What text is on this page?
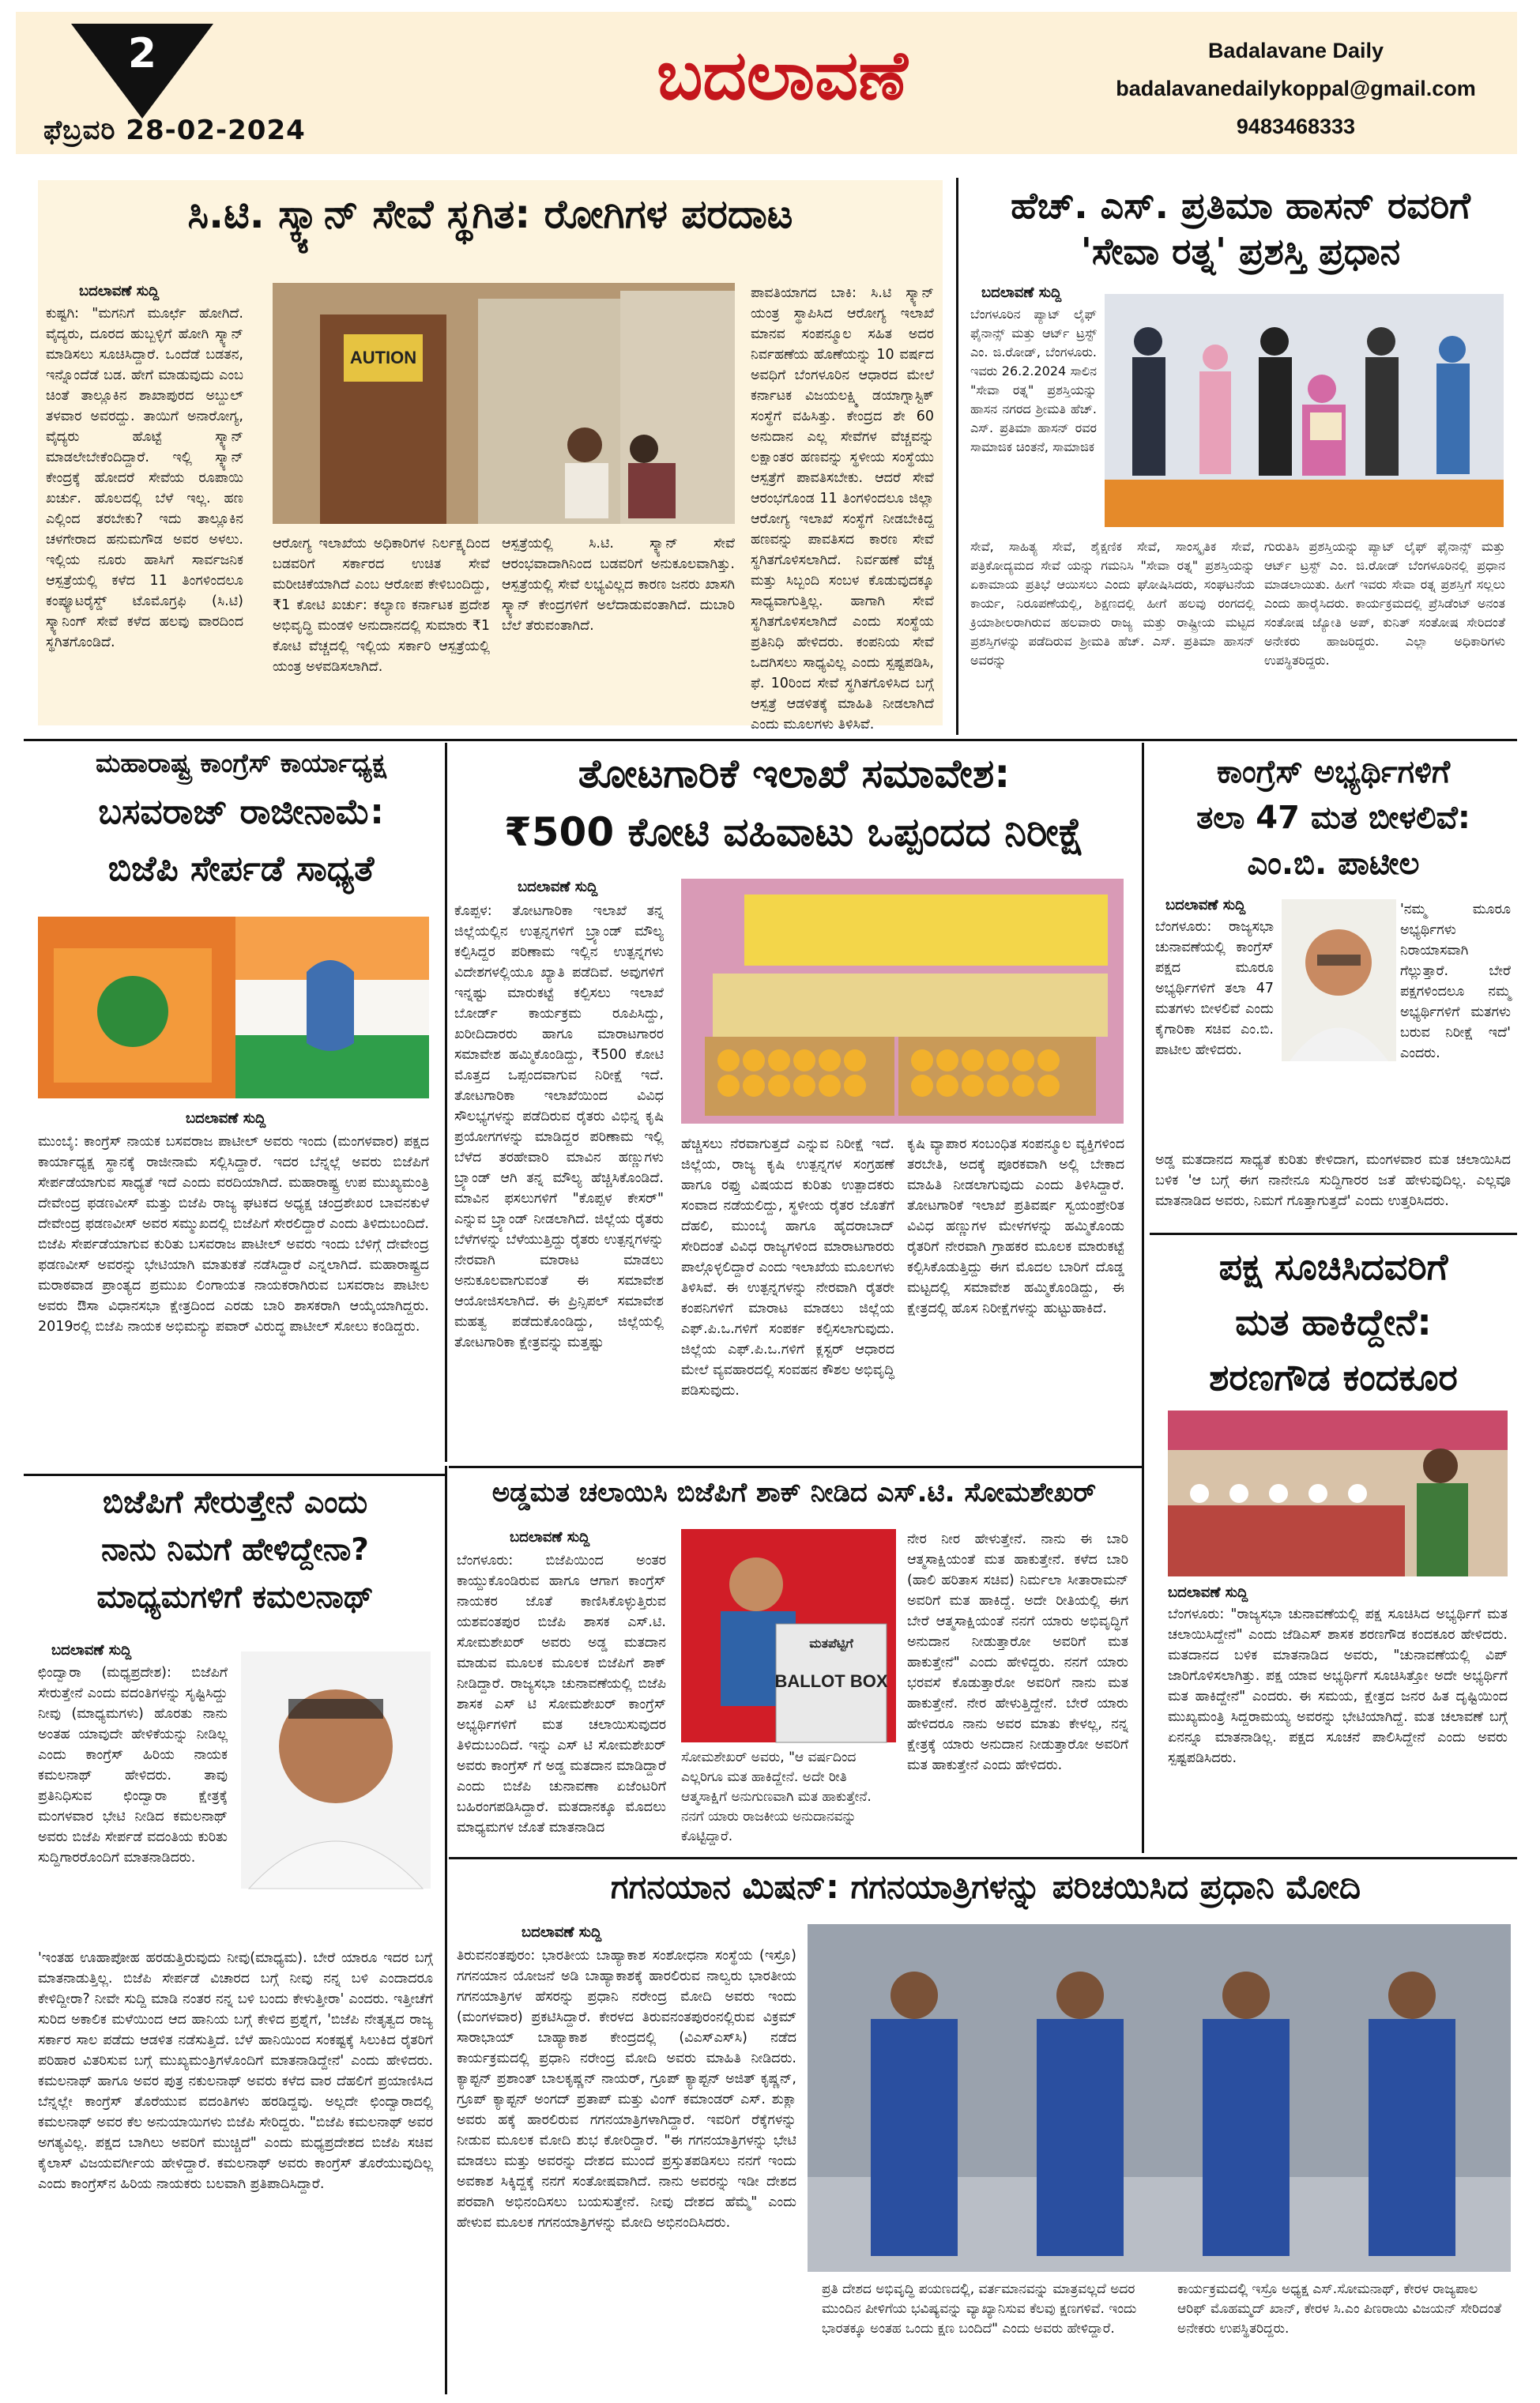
2
ಫೆಬ್ರವರಿ 28-02-2024
ಬದಲಾವಣೆ	Badalavane Daily
badalavanedailykoppal@gmail.com
9483468333
ಸಿ.ಟಿ. ಸ್ಕ್ಯಾನ್ ಸೇವೆ ಸ್ಥಗಿತ: ರೋಗಿಗಳ ಪರದಾಟ
ಬದಲಾವಣೆ ಸುದ್ದಿ
ಕುಷ್ಟಗಿ: "ಮಗನಿಗೆ ಮೂರ್ಛೆ ಹೋಗಿದೆ. ವೈದ್ಯರು, ದೂರದ ಹುಬ್ಬಳ್ಳಿಗೆ ಹೋಗಿ ಸ್ಕ್ಯಾನ್ ಮಾಡಿಸಲು ಸೂಚಿಸಿದ್ದಾರೆ. ಒಂದೆಡೆ ಬಡತನ, ಇನ್ನೊಂದೆಡೆ ಬಡ. ಹೇಗೆ ಮಾಡುವುದು ಎಂಬ ಚಿಂತೆ ತಾಲ್ಲೂಕಿನ ಶಾಖಾಪುರದ ಅಬ್ದುಲ್ ತಳವಾರ ಅವರದ್ದು. ತಾಯಿಗೆ ಅನಾರೋಗ್ಯ, ವೈದ್ಯರು ಹೊಟ್ಟೆ ಸ್ಕ್ಯಾನ್ ಮಾಡಲೇಬೇಕೆಂದಿದ್ದಾರೆ. ಇಲ್ಲಿ ಸ್ಕ್ಯಾನ್ ಕೇಂದ್ರಕ್ಕೆ ಹೋದರೆ ಸೇವೆಯ ರೂಪಾಯಿ ಖರ್ಚು. ಹೊಲದಲ್ಲಿ ಬೆಳೆ ಇಲ್ಲ. ಹಣ ಎಲ್ಲಿಂದ ತರಬೇಕು? ಇದು ತಾಲ್ಲೂಕಿನ ಚಳಗೇರಾದ ಹನುಮಗೌಡ ಅವರ ಅಳಲು. ಇಲ್ಲಿಯ ನೂರು ಹಾಸಿಗೆ ಸಾರ್ವಜನಿಕ ಆಸ್ಪತ್ರೆಯಲ್ಲಿ ಕಳೆದ 11 ತಿಂಗಳಿಂದಲೂ ಕಂಪ್ಯೂಟರೈಸ್ಡ್ ಟೊಮೊಗ್ರಫಿ (ಸಿ.ಟಿ) ಸ್ಕ್ಯಾನಿಂಗ್ ಸೇವೆ ಕಳೆದ ಹಲವು ವಾರದಿಂದ ಸ್ಥಗಿತಗೊಂಡಿದೆ.
AUTION
ಆರೋಗ್ಯ ಇಲಾಖೆಯ ಅಧಿಕಾರಿಗಳ ನಿರ್ಲಕ್ಷ್ಯದಿಂದ ಬಡವರಿಗೆ ಸರ್ಕಾರದ ಉಚಿತ ಸೇವೆ ಮರೀಚಿಕೆಯಾಗಿದೆ ಎಂಬ ಆರೋಪ ಕೇಳಿಬಂದಿದ್ದು, ₹1 ಕೋಟಿ ಖರ್ಚು: ಕಲ್ಯಾಣ ಕರ್ನಾಟಕ ಪ್ರದೇಶ ಅಭಿವೃದ್ಧಿ ಮಂಡಳಿ ಅನುದಾನದಲ್ಲಿ ಸುಮಾರು ₹1 ಕೋಟಿ ವೆಚ್ಚದಲ್ಲಿ ಇಲ್ಲಿಯ ಸರ್ಕಾರಿ ಆಸ್ಪತ್ರೆಯಲ್ಲಿ ಯಂತ್ರ ಅಳವಡಿಸಲಾಗಿದೆ.
ಆಸ್ಪತ್ರೆಯಲ್ಲಿ ಸಿ.ಟಿ. ಸ್ಕ್ಯಾನ್ ಸೇವೆ ಆರಂಭವಾದಾಗಿನಿಂದ ಬಡವರಿಗೆ ಅನುಕೂಲವಾಗಿತ್ತು. ಆಸ್ಪತ್ರೆಯಲ್ಲಿ ಸೇವೆ ಲಭ್ಯವಿಲ್ಲದ ಕಾರಣ ಜನರು ಖಾಸಗಿ ಸ್ಕ್ಯಾನ್ ಕೇಂದ್ರಗಳಿಗೆ ಅಲೆದಾಡುವಂತಾಗಿದೆ. ದುಬಾರಿ ಬೆಲೆ ತೆರುವಂತಾಗಿದೆ.
ಪಾವತಿಯಾಗದ ಬಾಕಿ: ಸಿ.ಟಿ ಸ್ಕ್ಯಾನ್ ಯಂತ್ರ ಸ್ಥಾಪಿಸಿದ ಆರೋಗ್ಯ ಇಲಾಖೆ ಮಾನವ ಸಂಪನ್ಮೂಲ ಸಹಿತ ಅದರ ನಿರ್ವಹಣೆಯ ಹೊಣೆಯನ್ನು 10 ವರ್ಷದ ಅವಧಿಗೆ ಬೆಂಗಳೂರಿನ ಆಧಾರದ ಮೇಲೆ ಕರ್ನಾಟಕ ವಿಜಯಲಕ್ಷ್ಮಿ ಡಯಾಗ್ನಾಸ್ಟಿಕ್ ಸಂಸ್ಥೆಗೆ ವಹಿಸಿತ್ತು. ಕೇಂದ್ರದ ಶೇ 60 ಅನುದಾನ ಎಲ್ಲ ಸೇವೆಗಳ ವೆಚ್ಚವನ್ನು ಲಕ್ಷಾಂತರ ಹಣವನ್ನು ಸ್ಥಳೀಯ ಸಂಸ್ಥೆಯು ಆಸ್ಪತ್ರೆಗೆ ಪಾವತಿಸಬೇಕು. ಆದರೆ ಸೇವೆ ಆರಂಭಗೊಂಡ 11 ತಿಂಗಳಿಂದಲೂ ಜಿಲ್ಲಾ ಆರೋಗ್ಯ ಇಲಾಖೆ ಸಂಸ್ಥೆಗೆ ನೀಡಬೇಕಿದ್ದ ಹಣವನ್ನು ಪಾವತಿಸದ ಕಾರಣ ಸೇವೆ ಸ್ಥಗಿತಗೊಳಿಸಲಾಗಿದೆ. ನಿರ್ವಹಣೆ ವೆಚ್ಚ ಮತ್ತು ಸಿಬ್ಬಂದಿ ಸಂಬಳ ಕೊಡುವುದಕ್ಕೂ ಸಾಧ್ಯವಾಗುತ್ತಿಲ್ಲ. ಹಾಗಾಗಿ ಸೇವೆ ಸ್ಥಗಿತಗೊಳಿಸಲಾಗಿದೆ ಎಂದು ಸಂಸ್ಥೆಯ ಪ್ರತಿನಿಧಿ ಹೇಳಿದರು. ಕಂಪನಿಯ ಸೇವೆ ಒದಗಿಸಲು ಸಾಧ್ಯವಿಲ್ಲ ಎಂದು ಸ್ಪಷ್ಟಪಡಿಸಿ, ಫೆ. 10ರಿಂದ ಸೇವೆ ಸ್ಥಗಿತಗೊಳಿಸಿದ ಬಗ್ಗೆ ಆಸ್ಪತ್ರೆ ಆಡಳಿತಕ್ಕೆ ಮಾಹಿತಿ ನೀಡಲಾಗಿದೆ ಎಂದು ಮೂಲಗಳು ತಿಳಿಸಿವೆ.
ಹೆಚ್. ಎಸ್. ಪ್ರತಿಮಾ ಹಾಸನ್ ರವರಿಗೆ 'ಸೇವಾ ರತ್ನ' ಪ್ರಶಸ್ತಿ ಪ್ರಧಾನ
ಬದಲಾವಣೆ ಸುದ್ದಿ
ಬೆಂಗಳೂರಿನ ಪ್ಯಾಟ್ ಲೈಫ್ ಫೈನಾನ್ಸ್ ಮತ್ತು ಆರ್ಟ್ ಟ್ರಸ್ಟ್ ಎಂ. ಜಿ.ರೋಡ್, ಬೆಂಗಳೂರು. ಇವರು 26.2.2024 ಸಾಲಿನ "ಸೇವಾ ರತ್ನ" ಪ್ರಶಸ್ತಿಯನ್ನು ಹಾಸನ ನಗರದ ಶ್ರೀಮತಿ ಹೆಚ್. ಎಸ್. ಪ್ರತಿಮಾ ಹಾಸನ್ ರವರ ಸಾಮಾಜಿಕ ಚಿಂತನೆ, ಸಾಮಾಜಿಕ
ಸೇವೆ, ಸಾಹಿತ್ಯ ಸೇವೆ, ಶೈಕ್ಷಣಿಕ ಸೇವೆ, ಸಾಂಸ್ಕೃತಿಕ ಸೇವೆ, ಪತ್ರಿಕೋದ್ಯಮದ ಸೇವೆ ಯನ್ನು ಗಮನಿಸಿ "ಸೇವಾ ರತ್ನ" ಪ್ರಶಸ್ತಿಯನ್ನು ಏಕಾಮಾಯ ಪ್ರತಿಭೆ ಆಯಿಸಲು ಎಂದು ಘೋಷಿಸಿದರು, ಸಂಘಟನೆಯ ಕಾರ್ಯ, ನಿರೂಪಣೆಯಲ್ಲಿ, ಶಿಕ್ಷಣದಲ್ಲಿ ಹೀಗೆ ಹಲವು ರಂಗದಲ್ಲಿ ಕ್ರಿಯಾಶೀಲರಾಗಿರುವ ಹಲವಾರು ರಾಜ್ಯ ಮತ್ತು ರಾಷ್ಟ್ರೀಯ ಮಟ್ಟದ ಪ್ರಶಸ್ತಿಗಳನ್ನು ಪಡೆದಿರುವ ಶ್ರೀಮತಿ ಹೆಚ್. ಎಸ್. ಪ್ರತಿಮಾ ಹಾಸನ್ ಅವರನ್ನು
ಗುರುತಿಸಿ ಪ್ರಶಸ್ತಿಯನ್ನು ಪ್ಯಾಟ್ ಲೈಫ್ ಫೈನಾನ್ಸ್ ಮತ್ತು ಆರ್ಟ್ ಟ್ರಸ್ಟ್ ಎಂ. ಜಿ.ರೋಡ್ ಬೆಂಗಳೂರಿನಲ್ಲಿ ಪ್ರಧಾನ ಮಾಡಲಾಯಿತು. ಹೀಗೆ ಇವರು ಸೇವಾ ರತ್ನ ಪ್ರಶಸ್ತಿಗೆ ಸಲ್ಲಲು ಎಂದು ಹಾರೈಸಿದರು. ಕಾರ್ಯಕ್ರಮದಲ್ಲಿ ಪ್ರೆಸಿಡೆಂಟ್ ಅನಂತ ಸಂತೋಷ ಜ್ಯೋತಿ ಅಪ್, ಕುನಿತ್ ಸಂತೋಷ ಸೇರಿದಂತೆ ಅನೇಕರು ಹಾಜರಿದ್ದರು. ಎಲ್ಲಾ ಅಧಿಕಾರಿಗಳು ಉಪಸ್ಥಿತರಿದ್ದರು.
ಮಹಾರಾಷ್ಟ್ರ ಕಾಂಗ್ರೆಸ್ ಕಾರ್ಯಾಧ್ಯಕ್ಷ
ಬಸವರಾಜ್ ರಾಜೀನಾಮೆ:
ಬಿಜೆಪಿ ಸೇರ್ಪಡೆ ಸಾಧ್ಯತೆ
ಬದಲಾವಣೆ ಸುದ್ದಿ
ಮುಂಬೈ: ಕಾಂಗ್ರೆಸ್ ನಾಯಕ ಬಸವರಾಜ ಪಾಟೀಲ್ ಅವರು ಇಂದು (ಮಂಗಳವಾರ) ಪಕ್ಷದ ಕಾರ್ಯಾಧ್ಯಕ್ಷ ಸ್ಥಾನಕ್ಕೆ ರಾಜೀನಾಮೆ ಸಲ್ಲಿಸಿದ್ದಾರೆ. ಇದರ ಬೆನ್ನಲ್ಲೆ ಅವರು ಬಿಜೆಪಿಗೆ ಸೇರ್ಪಡೆಯಾಗುವ ಸಾಧ್ಯತೆ ಇದೆ ಎಂದು ವರದಿಯಾಗಿದೆ. ಮಹಾರಾಷ್ಟ್ರ ಉಪ ಮುಖ್ಯಮಂತ್ರಿ ದೇವೇಂದ್ರ ಫಡಣವೀಸ್ ಮತ್ತು ಬಿಜೆಪಿ ರಾಜ್ಯ ಘಟಕದ ಅಧ್ಯಕ್ಷ ಚಂದ್ರಶೇಖರ ಬಾವನಕುಳೆ ದೇವೇಂದ್ರ ಫಡಣವೀಸ್ ಅವರ ಸಮ್ಮುಖದಲ್ಲಿ ಬಿಜೆಪಿಗೆ ಸೇರಲಿದ್ದಾರೆ ಎಂದು ತಿಳಿದುಬಂದಿದೆ. ಬಿಜೆಪಿ ಸೇರ್ಪಡೆಯಾಗುವ ಕುರಿತು ಬಸವರಾಜ ಪಾಟೀಲ್ ಅವರು ಇಂದು ಬೆಳಿಗ್ಗೆ ದೇವೇಂದ್ರ ಫಡಣವೀಸ್ ಅವರನ್ನು ಭೇಟಿಯಾಗಿ ಮಾತುಕತೆ ನಡೆಸಿದ್ದಾರೆ ಎನ್ನಲಾಗಿದೆ. ಮಹಾರಾಷ್ಟ್ರದ ಮರಾಠವಾಡ ಪ್ರಾಂತ್ಯದ ಪ್ರಮುಖ ಲಿಂಗಾಯತ ನಾಯಕರಾಗಿರುವ ಬಸವರಾಜ ಪಾಟೀಲ ಅವರು ಔಸಾ ವಿಧಾನಸಭಾ ಕ್ಷೇತ್ರದಿಂದ ಎರಡು ಬಾರಿ ಶಾಸಕರಾಗಿ ಆಯ್ಕೆಯಾಗಿದ್ದರು. 2019ರಲ್ಲಿ ಬಿಜೆಪಿ ನಾಯಕ ಅಭಿಮನ್ಯು ಪವಾರ್ ವಿರುದ್ಧ ಪಾಟೀಲ್ ಸೋಲು ಕಂಡಿದ್ದರು.
ತೋಟಗಾರಿಕೆ ಇಲಾಖೆ ಸಮಾವೇಶ:
₹500 ಕೋಟಿ ವಹಿವಾಟು ಒಪ್ಪಂದದ ನಿರೀಕ್ಷೆ
ಬದಲಾವಣೆ ಸುದ್ದಿ
ಕೊಪ್ಪಳ: ತೋಟಗಾರಿಕಾ ಇಲಾಖೆ ತನ್ನ ಜಿಲ್ಲೆಯಲ್ಲಿನ ಉತ್ಪನ್ನಗಳಿಗೆ ಬ್ರ್ಯಾಂಡ್ ಮೌಲ್ಯ ಕಲ್ಪಿಸಿದ್ದರ ಪರಿಣಾಮ ಇಲ್ಲಿನ ಉತ್ಪನ್ನಗಳು ವಿದೇಶಗಳಲ್ಲಿಯೂ ಖ್ಯಾತಿ ಪಡೆದಿವೆ. ಅವುಗಳಿಗೆ ಇನ್ನಷ್ಟು ಮಾರುಕಟ್ಟೆ ಕಲ್ಪಿಸಲು ಇಲಾಖೆ ಬೋರ್ಡ್ ಕಾರ್ಯಕ್ರಮ ರೂಪಿಸಿದ್ದು, ಖರೀದಿದಾರರು ಹಾಗೂ ಮಾರಾಟಗಾರರ ಸಮಾವೇಶ ಹಮ್ಮಿಕೊಂಡಿದ್ದು, ₹500 ಕೋಟಿ ಮೊತ್ತದ ಒಪ್ಪಂದವಾಗುವ ನಿರೀಕ್ಷೆ ಇದೆ. ತೋಟಗಾರಿಕಾ ಇಲಾಖೆಯಿಂದ ವಿವಿಧ ಸೌಲಭ್ಯಗಳನ್ನು ಪಡೆದಿರುವ ರೈತರು ವಿಭಿನ್ನ ಕೃಷಿ ಪ್ರಯೋಗಗಳನ್ನು ಮಾಡಿದ್ದರ ಪರಿಣಾಮ ಇಲ್ಲಿ ಬೆಳೆದ ತರಹೇವಾರಿ ಮಾವಿನ ಹಣ್ಣುಗಳು ಬ್ರ್ಯಾಂಡ್ ಆಗಿ ತನ್ನ ಮೌಲ್ಯ ಹೆಚ್ಚಿಸಿಕೊಂಡಿದೆ. ಮಾವಿನ ಫಸಲುಗಳಿಗೆ "ಕೊಪ್ಪಳ ಕೇಸರ್" ಎನ್ನುವ ಬ್ರ್ಯಾಂಡ್ ನೀಡಲಾಗಿದೆ. ಜಿಲ್ಲೆಯ ರೈತರು ಬೆಳೆಗಳನ್ನು ಬೆಳೆಯುತ್ತಿದ್ದು ರೈತರು ಉತ್ಪನ್ನಗಳನ್ನು ನೇರವಾಗಿ ಮಾರಾಟ ಮಾಡಲು ಅನುಕೂಲವಾಗುವಂತೆ ಈ ಸಮಾವೇಶ ಆಯೋಜಿಸಲಾಗಿದೆ. ಈ ಪ್ರಿನ್ಸಿಪಲ್ ಸಮಾವೇಶ ಮಹತ್ವ ಪಡೆದುಕೊಂಡಿದ್ದು, ಜಿಲ್ಲೆಯಲ್ಲಿ ತೋಟಗಾರಿಕಾ ಕ್ಷೇತ್ರವನ್ನು ಮತ್ತಷ್ಟು
ಹೆಚ್ಚಿಸಲು ನೆರವಾಗುತ್ತದೆ ಎನ್ನುವ ನಿರೀಕ್ಷೆ ಇದೆ. ಜಿಲ್ಲೆಯ, ರಾಜ್ಯ ಕೃಷಿ ಉತ್ಪನ್ನಗಳ ಸಂಗ್ರಹಣೆ ಹಾಗೂ ರಫ್ತು ವಿಷಯದ ಕುರಿತು ಉತ್ಪಾದಕರು ಸಂವಾದ ನಡೆಯಲಿದ್ದು, ಸ್ಥಳೀಯ ರೈತರ ಜೊತೆಗೆ ದೆಹಲಿ, ಮುಂಬೈ ಹಾಗೂ ಹೈದರಾಬಾದ್ ಸೇರಿದಂತೆ ವಿವಿಧ ರಾಜ್ಯಗಳಿಂದ ಮಾರಾಟಗಾರರು ಪಾಲ್ಗೊಳ್ಳಲಿದ್ದಾರೆ ಎಂದು ಇಲಾಖೆಯ ಮೂಲಗಳು ತಿಳಿಸಿವೆ. ಈ ಉತ್ಪನ್ನಗಳನ್ನು ನೇರವಾಗಿ ರೈತರೇ ಕಂಪನಿಗಳಿಗೆ ಮಾರಾಟ ಮಾಡಲು ಜಿಲ್ಲೆಯ ಎಫ್.ಪಿ.ಒ.ಗಳಿಗೆ ಸಂಪರ್ಕ ಕಲ್ಪಿಸಲಾಗುವುದು. ಜಿಲ್ಲೆಯ ಎಫ್.ಪಿ.ಒ.ಗಳಿಗೆ ಕ್ಲಸ್ಟರ್ ಆಧಾರದ ಮೇಲೆ ವ್ಯವಹಾರದಲ್ಲಿ ಸಂವಹನ ಕೌಶಲ ಅಭಿವೃದ್ಧಿ ಪಡಿಸುವುದು.
ಕೃಷಿ ವ್ಯಾಪಾರ ಸಂಬಂಧಿತ ಸಂಪನ್ಮೂಲ ವ್ಯಕ್ತಿಗಳಿಂದ ತರಬೇತಿ, ಅದಕ್ಕೆ ಪೂರಕವಾಗಿ ಅಲ್ಲಿ ಬೇಕಾದ ಮಾಹಿತಿ ನೀಡಲಾಗುವುದು ಎಂದು ತಿಳಿಸಿದ್ದಾರೆ. ತೋಟಗಾರಿಕೆ ಇಲಾಖೆ ಪ್ರತಿವರ್ಷ ಸ್ವಯಂಪ್ರೇರಿತ ವಿವಿಧ ಹಣ್ಣುಗಳ ಮೇಳಗಳನ್ನು ಹಮ್ಮಿಕೊಂಡು ರೈತರಿಗೆ ನೇರವಾಗಿ ಗ್ರಾಹಕರ ಮೂಲಕ ಮಾರುಕಟ್ಟೆ ಕಲ್ಪಿಸಿಕೊಡುತ್ತಿದ್ದು ಈಗ ಮೊದಲ ಬಾರಿಗೆ ದೊಡ್ಡ ಮಟ್ಟದಲ್ಲಿ ಸಮಾವೇಶ ಹಮ್ಮಿಕೊಂಡಿದ್ದು, ಈ ಕ್ಷೇತ್ರದಲ್ಲಿ ಹೊಸ ನಿರೀಕ್ಷೆಗಳನ್ನು ಹುಟ್ಟುಹಾಕಿದೆ.
ಕಾಂಗ್ರೆಸ್ ಅಭ್ಯರ್ಥಿಗಳಿಗೆ
ತಲಾ 47 ಮತ ಬೀಳಲಿವೆ:
ಎಂ.ಬಿ. ಪಾಟೀಲ
ಬದಲಾವಣೆ ಸುದ್ದಿ
ಬೆಂಗಳೂರು: ರಾಜ್ಯಸಭಾ ಚುನಾವಣೆಯಲ್ಲಿ ಕಾಂಗ್ರೆಸ್ ಪಕ್ಷದ ಮೂರೂ ಅಭ್ಯರ್ಥಿಗಳಿಗೆ ತಲಾ 47 ಮತಗಳು ಬೀಳಲಿವೆ ಎಂದು ಕೈಗಾರಿಕಾ ಸಚಿವ ಎಂ.ಬಿ. ಪಾಟೀಲ ಹೇಳಿದರು.
'ನಮ್ಮ ಮೂರೂ ಅಭ್ಯರ್ಥಿಗಳು ನಿರಾಯಾಸವಾಗಿ ಗೆಲ್ಲುತ್ತಾರೆ. ಬೇರೆ ಪಕ್ಷಗಳಿಂದಲೂ ನಮ್ಮ ಅಭ್ಯರ್ಥಿಗಳಿಗೆ ಮತಗಳು ಬರುವ ನಿರೀಕ್ಷೆ ಇದೆ' ಎಂದರು.
ಅಡ್ಡ ಮತದಾನದ ಸಾಧ್ಯತೆ ಕುರಿತು ಕೇಳಿದಾಗ, ಮಂಗಳವಾರ ಮತ ಚಲಾಯಿಸಿದ ಬಳಿಕ 'ಆ ಬಗ್ಗೆ ಈಗ ನಾನೇನೂ ಸುದ್ದಿಗಾರರ ಜತೆ ಹೇಳುವುದಿಲ್ಲ. ಎಲ್ಲವೂ ಮಾತನಾಡಿದ ಅವರು, ನಿಮಗೆ ಗೊತ್ತಾಗುತ್ತದೆ' ಎಂದು ಉತ್ತರಿಸಿದರು.
ಪಕ್ಷ ಸೂಚಿಸಿದವರಿಗೆ
ಮತ ಹಾಕಿದ್ದೇನೆ:
ಶರಣಗೌಡ ಕಂದಕೂರ
ಬದಲಾವಣೆ ಸುದ್ದಿ
ಬೆಂಗಳೂರು: "ರಾಜ್ಯಸಭಾ ಚುನಾವಣೆಯಲ್ಲಿ ಪಕ್ಷ ಸೂಚಿಸಿದ ಅಭ್ಯರ್ಥಿಗೆ ಮತ ಚಲಾಯಿಸಿದ್ದೇನೆ" ಎಂದು ಜೆಡಿಎಸ್ ಶಾಸಕ ಶರಣಗೌಡ ಕಂದಕೂರ ಹೇಳಿದರು. ಮತದಾನದ ಬಳಿಕ ಮಾತನಾಡಿದ ಅವರು, "ಚುನಾವಣೆಯಲ್ಲಿ ವಿಪ್ ಜಾರಿಗೊಳಿಸಲಾಗಿತ್ತು. ಪಕ್ಷ ಯಾವ ಅಭ್ಯರ್ಥಿಗೆ ಸೂಚಿಸಿತ್ತೋ ಅದೇ ಅಭ್ಯರ್ಥಿಗೆ ಮತ ಹಾಕಿದ್ದೇನೆ" ಎಂದರು. ಈ ಸಮಯ, ಕ್ಷೇತ್ರದ ಜನರ ಹಿತ ದೃಷ್ಟಿಯಿಂದ ಮುಖ್ಯಮಂತ್ರಿ ಸಿದ್ದರಾಮಯ್ಯ ಅವರನ್ನು ಭೇಟಿಯಾಗಿದ್ದೆ. ಮತ ಚಲಾವಣೆ ಬಗ್ಗೆ ಏನನ್ನೂ ಮಾತನಾಡಿಲ್ಲ. ಪಕ್ಷದ ಸೂಚನೆ ಪಾಲಿಸಿದ್ದೇನೆ ಎಂದು ಅವರು ಸ್ಪಷ್ಟಪಡಿಸಿದರು.
ಬಿಜೆಪಿಗೆ ಸೇರುತ್ತೇನೆ ಎಂದು
ನಾನು ನಿಮಗೆ ಹೇಳಿದ್ದೇನಾ?
ಮಾಧ್ಯಮಗಳಿಗೆ ಕಮಲನಾಥ್
ಬದಲಾವಣೆ ಸುದ್ದಿ
ಛಿಂದ್ವಾರಾ (ಮಧ್ಯಪ್ರದೇಶ): ಬಿಜೆಪಿಗೆ ಸೇರುತ್ತೇನೆ ಎಂದು ವದಂತಿಗಳನ್ನು ಸೃಷ್ಟಿಸಿದ್ದು ನೀವು (ಮಾಧ್ಯಮಗಳು) ಹೊರತು ನಾನು ಅಂತಹ ಯಾವುದೇ ಹೇಳಿಕೆಯನ್ನು ನೀಡಿಲ್ಲ ಎಂದು ಕಾಂಗ್ರೆಸ್ ಹಿರಿಯ ನಾಯಕ ಕಮಲನಾಥ್ ಹೇಳಿದರು. ತಾವು ಪ್ರತಿನಿಧಿಸುವ ಛಿಂದ್ವಾರಾ ಕ್ಷೇತ್ರಕ್ಕೆ ಮಂಗಳವಾರ ಭೇಟಿ ನೀಡಿದ ಕಮಲನಾಥ್ ಅವರು ಬಿಜೆಪಿ ಸೇರ್ಪಡೆ ವದಂತಿಯ ಕುರಿತು ಸುದ್ದಿಗಾರರೊಂದಿಗೆ ಮಾತನಾಡಿದರು.
'ಇಂತಹ ಊಹಾಪೋಹ ಹರಡುತ್ತಿರುವುದು ನೀವು(ಮಾಧ್ಯಮ). ಬೇರೆ ಯಾರೂ ಇದರ ಬಗ್ಗೆ ಮಾತನಾಡುತ್ತಿಲ್ಲ. ಬಿಜೆಪಿ ಸೇರ್ಪಡೆ ವಿಚಾರದ ಬಗ್ಗೆ ನೀವು ನನ್ನ ಬಳಿ ಎಂದಾದರೂ ಕೇಳಿದ್ದೀರಾ? ನೀವೇ ಸುದ್ದಿ ಮಾಡಿ ನಂತರ ನನ್ನ ಬಳಿ ಬಂದು ಕೇಳುತ್ತೀರಾ' ಎಂದರು. ಇತ್ತೀಚೆಗೆ ಸುರಿದ ಅಕಾಲಿಕ ಮಳೆಯಿಂದ ಆದ ಹಾನಿಯ ಬಗ್ಗೆ ಕೇಳಿದ ಪ್ರಶ್ನೆಗೆ, 'ಬಿಜೆಪಿ ನೇತೃತ್ವದ ರಾಜ್ಯ ಸರ್ಕಾರ ಸಾಲ ಪಡೆದು ಆಡಳಿತ ನಡೆಸುತ್ತಿದೆ. ಬೆಳೆ ಹಾನಿಯಿಂದ ಸಂಕಷ್ಟಕ್ಕೆ ಸಿಲುಕಿದ ರೈತರಿಗೆ ಪರಿಹಾರ ವಿತರಿಸುವ ಬಗ್ಗೆ ಮುಖ್ಯಮಂತ್ರಿಗಳೊಂದಿಗೆ ಮಾತನಾಡಿದ್ದೇನೆ' ಎಂದು ಹೇಳಿದರು. ಕಮಲನಾಥ್ ಹಾಗೂ ಅವರ ಪುತ್ರ ನಕುಲನಾಥ್ ಅವರು ಕಳೆದ ವಾರ ದೆಹಲಿಗೆ ಪ್ರಯಾಣಿಸಿದ ಬೆನ್ನಲ್ಲೇ ಕಾಂಗ್ರೆಸ್ ತೊರೆಯುವ ವದಂತಿಗಳು ಹರಡಿದ್ದವು. ಅಲ್ಲದೇ ಛಿಂದ್ವಾರಾದಲ್ಲಿ ಕಮಲನಾಥ್ ಅವರ ಕೆಲ ಅನುಯಾಯಿಗಳು ಬಿಜೆಪಿ ಸೇರಿದ್ದರು. "ಬಿಜೆಪಿ ಕಮಲನಾಥ್ ಅವರ ಅಗತ್ಯವಿಲ್ಲ. ಪಕ್ಷದ ಬಾಗಿಲು ಅವರಿಗೆ ಮುಚ್ಚಿದೆ" ಎಂದು ಮಧ್ಯಪ್ರದೇಶದ ಬಿಜೆಪಿ ಸಚಿವ ಕೈಲಾಸ್ ವಿಜಯವರ್ಗೀಯ ಹೇಳಿದ್ದಾರೆ. ಕಮಲನಾಥ್ ಅವರು ಕಾಂಗ್ರೆಸ್ ತೊರೆಯುವುದಿಲ್ಲ ಎಂದು ಕಾಂಗ್ರೆಸ್‌ನ ಹಿರಿಯ ನಾಯಕರು ಬಲವಾಗಿ ಪ್ರತಿಪಾದಿಸಿದ್ದಾರೆ.
ಅಡ್ಡಮತ ಚಲಾಯಿಸಿ ಬಿಜೆಪಿಗೆ ಶಾಕ್ ನೀಡಿದ ಎಸ್.ಟಿ. ಸೋಮಶೇಖರ್
ಬದಲಾವಣೆ ಸುದ್ದಿ
ಬೆಂಗಳೂರು: ಬಿಜೆಪಿಯಿಂದ ಅಂತರ ಕಾಯ್ದುಕೊಂಡಿರುವ ಹಾಗೂ ಆಗಾಗ ಕಾಂಗ್ರೆಸ್ ನಾಯಕರ ಜೊತೆ ಕಾಣಿಸಿಕೊಳ್ಳುತ್ತಿರುವ ಯಶವಂತಪುರ ಬಿಜೆಪಿ ಶಾಸಕ ಎಸ್.ಟಿ. ಸೋಮಶೇಖರ್ ಅವರು ಅಡ್ಡ ಮತದಾನ ಮಾಡುವ ಮೂಲಕ ಮೂಲಕ ಬಿಜೆಪಿಗೆ ಶಾಕ್ ನೀಡಿದ್ದಾರೆ. ರಾಜ್ಯಸಭಾ ಚುನಾವಣೆಯಲ್ಲಿ ಬಿಜೆಪಿ ಶಾಸಕ ಎಸ್ ಟಿ ಸೋಮಶೇಖರ್ ಕಾಂಗ್ರೆಸ್ ಅಭ್ಯರ್ಥಿಗಳಿಗೆ ಮತ ಚಲಾಯಿಸುವುದರ ತಿಳಿದುಬಂದಿದೆ. ಇನ್ನು ಎಸ್ ಟಿ ಸೋಮಶೇಖರ್ ಅವರು ಕಾಂಗ್ರೆಸ್ ಗೆ ಅಡ್ಡ ಮತದಾನ ಮಾಡಿದ್ದಾರೆ ಎಂದು ಬಿಜೆಪಿ ಚುನಾವಣಾ ಏಜೆಂಟರಿಗೆ ಬಹಿರಂಗಪಡಿಸಿದ್ದಾರೆ. ಮತದಾನಕ್ಕೂ ಮೊದಲು ಮಾಧ್ಯಮಗಳ ಜೊತೆ ಮಾತನಾಡಿದ
ಮತಪೆಟ್ಟಿಗೆ
BALLOT BOX
ಸೋಮಶೇಖರ್ ಅವರು, "ಆ ವರ್ಷದಿಂದ ಎಲ್ಲರಿಗೂ ಮತ ಹಾಕಿದ್ದೇನೆ. ಅದೇ ರೀತಿ ಆತ್ಮಸಾಕ್ಷಿಗೆ ಅನುಗುಣವಾಗಿ ಮತ ಹಾಕುತ್ತೇನೆ. ನನಗೆ ಯಾರು ರಾಜಕೀಯ ಅನುದಾನವನ್ನು ಕೊಟ್ಟಿದ್ದಾರೆ.
ನೇರ ನೀರ ಹೇಳುತ್ತೇನೆ. ನಾನು ಈ ಬಾರಿ ಆತ್ಮಸಾಕ್ಷಿಯಂತೆ ಮತ ಹಾಕುತ್ತೇನೆ. ಕಳೆದ ಬಾರಿ (ಹಾಲಿ ಹರಿತಾಸ ಸಚಿವ) ನಿರ್ಮಲಾ ಸೀತಾರಾಮನ್ ಅವರಿಗೆ ಮತ ಹಾಕಿದ್ದೆ. ಅದೇ ರೀತಿಯಲ್ಲಿ ಈಗ ಬೇರೆ ಆತ್ಮಸಾಕ್ಷಿಯಂತೆ ನನಗೆ ಯಾರು ಅಭಿವೃದ್ಧಿಗೆ ಅನುದಾನ ನೀಡುತ್ತಾರೋ ಅವರಿಗೆ ಮತ ಹಾಕುತ್ತೇನೆ" ಎಂದು ಹೇಳಿದ್ದರು. ನನಗೆ ಯಾರು ಭರವಸೆ ಕೊಡುತ್ತಾರೋ ಅವರಿಗೆ ನಾನು ಮತ ಹಾಕುತ್ತೇನೆ. ನೇರ ಹೇಳುತ್ತಿದ್ದೇನೆ. ಬೇರೆ ಯಾರು ಹೇಳಿದರೂ ನಾನು ಅವರ ಮಾತು ಕೇಳಲ್ಲ, ನನ್ನ ಕ್ಷೇತ್ರಕ್ಕೆ ಯಾರು ಅನುದಾನ ನೀಡುತ್ತಾರೋ ಅವರಿಗೆ ಮತ ಹಾಕುತ್ತೇನೆ ಎಂದು ಹೇಳಿದರು.
ಗಗನಯಾನ ಮಿಷನ್: ಗಗನಯಾತ್ರಿಗಳನ್ನು ಪರಿಚಯಿಸಿದ ಪ್ರಧಾನಿ ಮೋದಿ
ಬದಲಾವಣೆ ಸುದ್ದಿ
ತಿರುವನಂತಪುರಂ: ಭಾರತೀಯ ಬಾಹ್ಯಾಕಾಶ ಸಂಶೋಧನಾ ಸಂಸ್ಥೆಯ (ಇಸ್ರೊ) ಗಗನಯಾನ ಯೋಜನೆ ಅಡಿ ಬಾಹ್ಯಾಕಾಶಕ್ಕೆ ಹಾರಲಿರುವ ನಾಲ್ವರು ಭಾರತೀಯ ಗಗನಯಾತ್ರಿಗಳ ಹೆಸರನ್ನು ಪ್ರಧಾನಿ ನರೇಂದ್ರ ಮೋದಿ ಅವರು ಇಂದು (ಮಂಗಳವಾರ) ಪ್ರಕಟಿಸಿದ್ದಾರೆ. ಕೇರಳದ ತಿರುವನಂತಪುರಂನಲ್ಲಿರುವ ವಿಕ್ರಮ್ ಸಾರಾಭಾಯ್ ಬಾಹ್ಯಾಕಾಶ ಕೇಂದ್ರದಲ್ಲಿ (ವಿಎಸ್‌ಎಸ್‌ಸಿ) ನಡೆದ ಕಾರ್ಯಕ್ರಮದಲ್ಲಿ ಪ್ರಧಾನಿ ನರೇಂದ್ರ ಮೋದಿ ಅವರು ಮಾಹಿತಿ ನೀಡಿದರು. ಕ್ಯಾಪ್ಟನ್ ಪ್ರಶಾಂತ್ ಬಾಲಕೃಷ್ಣನ್ ನಾಯರ್, ಗ್ರೂಪ್ ಕ್ಯಾಪ್ಟನ್ ಅಜಿತ್ ಕೃಷ್ಣನ್, ಗ್ರೂಪ್ ಕ್ಯಾಪ್ಟನ್ ಅಂಗದ್ ಪ್ರತಾಪ್ ಮತ್ತು ವಿಂಗ್ ಕಮಾಂಡರ್ ಎಸ್. ಶುಕ್ಲಾ ಅವರು ಹಕ್ಕೆ ಹಾರಲಿರುವ ಗಗನಯಾತ್ರಿಗಳಾಗಿದ್ದಾರೆ. ಇವರಿಗೆ ರೆಕ್ಕೆಗಳನ್ನು ನೀಡುವ ಮೂಲಕ ಮೋದಿ ಶುಭ ಕೋರಿದ್ದಾರೆ. "ಈ ಗಗನಯಾತ್ರಿಗಳನ್ನು ಭೇಟಿ ಮಾಡಲು ಮತ್ತು ಅವರನ್ನು ದೇಶದ ಮುಂದೆ ಪ್ರಸ್ತುತಪಡಿಸಲು ನನಗೆ ಇಂದು ಅವಕಾಶ ಸಿಕ್ಕಿದ್ದಕ್ಕೆ ನನಗೆ ಸಂತೋಷವಾಗಿದೆ. ನಾನು ಅವರನ್ನು ಇಡೀ ದೇಶದ ಪರವಾಗಿ ಅಭಿನಂದಿಸಲು ಬಯಸುತ್ತೇನೆ. ನೀವು ದೇಶದ ಹೆಮ್ಮೆ" ಎಂದು ಹೇಳುವ ಮೂಲಕ ಗಗನಯಾತ್ರಿಗಳನ್ನು ಮೋದಿ ಅಭಿನಂದಿಸಿದರು.
ಪ್ರತಿ ದೇಶದ ಅಭಿವೃದ್ಧಿ ಪಯಣದಲ್ಲಿ, ವರ್ತಮಾನವನ್ನು ಮಾತ್ರವಲ್ಲದೆ ಅದರ ಮುಂದಿನ ಪೀಳಿಗೆಯ ಭವಿಷ್ಯವನ್ನು ವ್ಯಾಖ್ಯಾನಿಸುವ ಕೆಲವು ಕ್ಷಣಗಳಿವೆ. ಇಂದು ಭಾರತಕ್ಕೂ ಅಂತಹ ಒಂದು ಕ್ಷಣ ಬಂದಿದೆ" ಎಂದು ಅವರು ಹೇಳಿದ್ದಾರೆ.
ಕಾರ್ಯಕ್ರಮದಲ್ಲಿ ಇಸ್ರೊ ಅಧ್ಯಕ್ಷ ಎಸ್.ಸೋಮನಾಥ್, ಕೇರಳ ರಾಜ್ಯಪಾಲ ಆರಿಫ್ ಮೊಹಮ್ಮದ್ ಖಾನ್, ಕೇರಳ ಸಿ.ಎಂ ಪಿಣರಾಯಿ ವಿಜಯನ್ ಸೇರಿದಂತೆ ಅನೇಕರು ಉಪಸ್ಥಿತರಿದ್ದರು.
